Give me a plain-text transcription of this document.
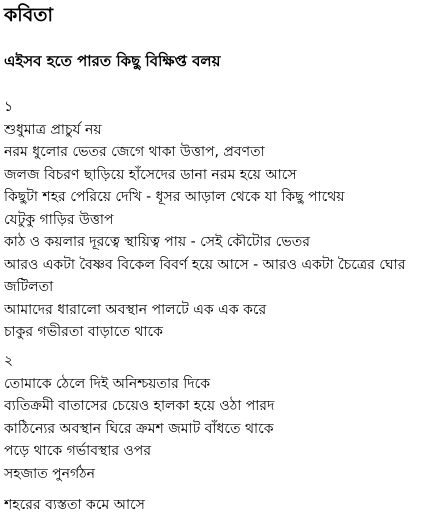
কবিতা
এইসব হতে পারত কিছু বিক্ষিপ্ত বলয়
১
শুধুমাত্র প্রাচুর্য নয়
নরম ধুলোর ভেতর জেগে থাকা উত্তাপ, প্রবণতা
জলজ বিচরণ ছাড়িয়ে হাঁসেদের ডানা নরম হয়ে আসে
কিছুটা শহর পেরিয়ে দেখি - ধূসর আড়াল থেকে যা কিছু পাথেয়
যেটুকু গাড়ির উত্তাপ
কাঠ ও কয়লার দূরত্বে স্থায়িত্ব পায় - সেই কৌটোর ভেতর
আরও একটা বৈষ্ণব বিকেল বিবর্ণ হয়ে আসে - আরও একটা চৈত্রের ঘোর
জটিলতা
আমাদের ধারালো অবস্থান পালটে এক এক করে
চাকুর গভীরতা বাড়াতে থাকে
২
তোমাকে ঠেলে দিই অনিশ্চয়তার দিকে
ব্যতিক্রমী বাতাসের চেয়েও হালকা হয়ে ওঠা পারদ
কাঠিন্যের অবস্থান ঘিরে ক্রমশ জমাট বাঁধতে থাকে
পড়ে থাকে গর্ভাবস্থার ওপর
সহজাত পুনর্গঠন
শহরের ব্যস্ততা কমে আসে
